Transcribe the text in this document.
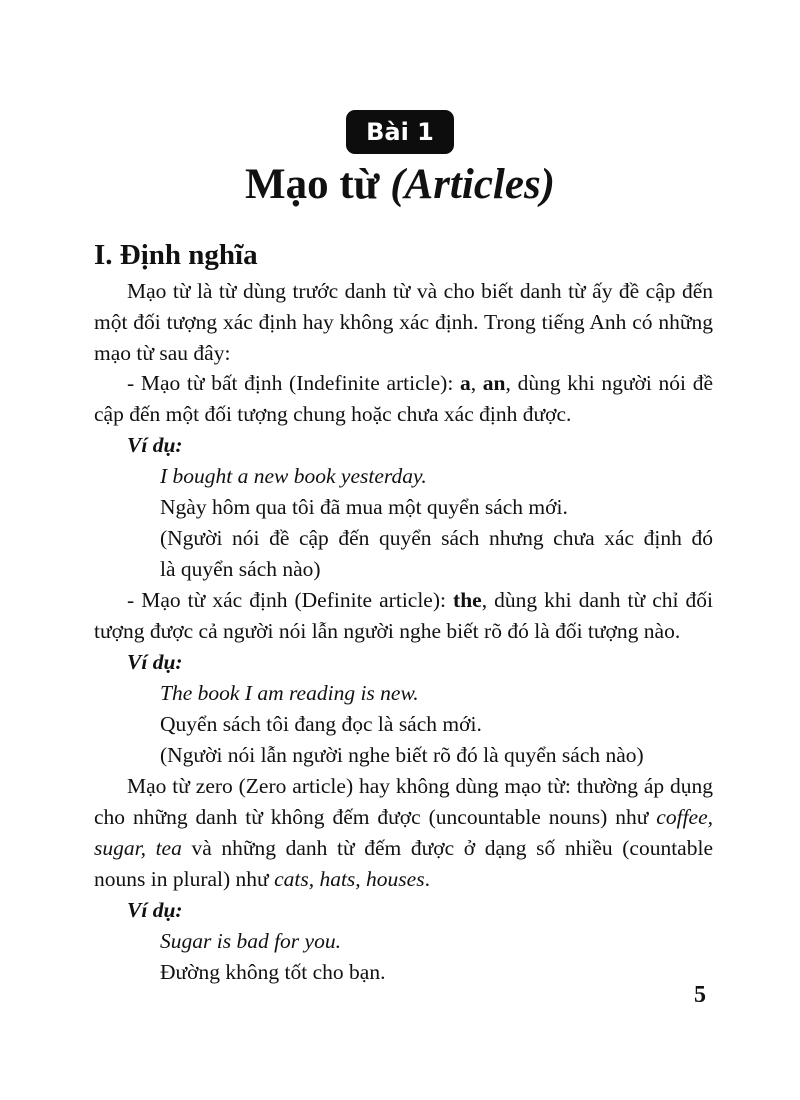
Bài 1
Mạo từ (Articles)
I. Định nghĩa
Mạo từ là từ dùng trước danh từ và cho biết danh từ ấy đề cập đến
một đối tượng xác định hay không xác định. Trong tiếng Anh có những
mạo từ sau đây:
- Mạo từ bất định (Indefinite article): a, an, dùng khi người nói đề
cập đến một đối tượng chung hoặc chưa xác định được.
Ví dụ:
I bought a new book yesterday.
Ngày hôm qua tôi đã mua một quyển sách mới.
(Người nói đề cập đến quyển sách nhưng chưa xác định đó
là quyển sách nào)
- Mạo từ xác định (Definite article): the, dùng khi danh từ chỉ đối
tượng được cả người nói lẫn người nghe biết rõ đó là đối tượng nào.
Ví dụ:
The book I am reading is new.
Quyển sách tôi đang đọc là sách mới.
(Người nói lẫn người nghe biết rõ đó là quyển sách nào)
Mạo từ zero (Zero article) hay không dùng mạo từ: thường áp dụng
cho những danh từ không đếm được (uncountable nouns) như coffee,
sugar, tea và những danh từ đếm được ở dạng số nhiều (countable
nouns in plural) như cats, hats, houses.
Ví dụ:
Sugar is bad for you.
Đường không tốt cho bạn.
5
